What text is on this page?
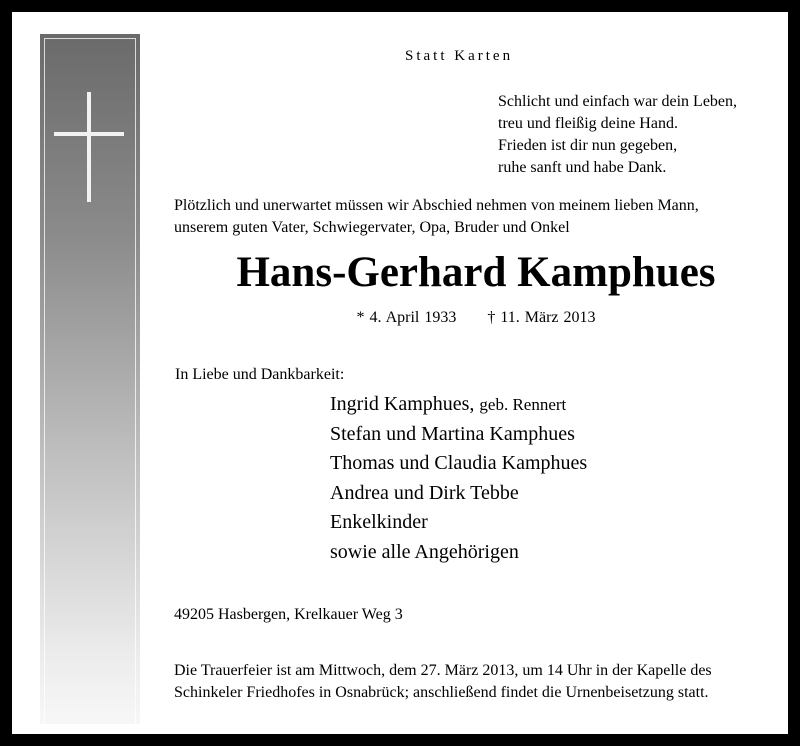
Statt Karten
Schlicht und einfach war dein Leben,
treu und fleißig deine Hand.
Frieden ist dir nun gegeben,
ruhe sanft und habe Dank.
Plötzlich und unerwartet müssen wir Abschied nehmen von meinem lieben Mann,
unserem guten Vater, Schwiegervater, Opa, Bruder und Onkel
Hans-Gerhard Kamphues
* 4. April 1933 † 11. März 2013
In Liebe und Dankbarkeit:
Ingrid Kamphues, geb. Rennert
Stefan und Martina Kamphues
Thomas und Claudia Kamphues
Andrea und Dirk Tebbe
Enkelkinder
sowie alle Angehörigen
49205 Hasbergen, Krelkauer Weg 3
Die Trauerfeier ist am Mittwoch, dem 27. März 2013, um 14 Uhr in der Kapelle des
Schinkeler Friedhofes in Osnabrück; anschließend findet die Urnenbeisetzung statt.
